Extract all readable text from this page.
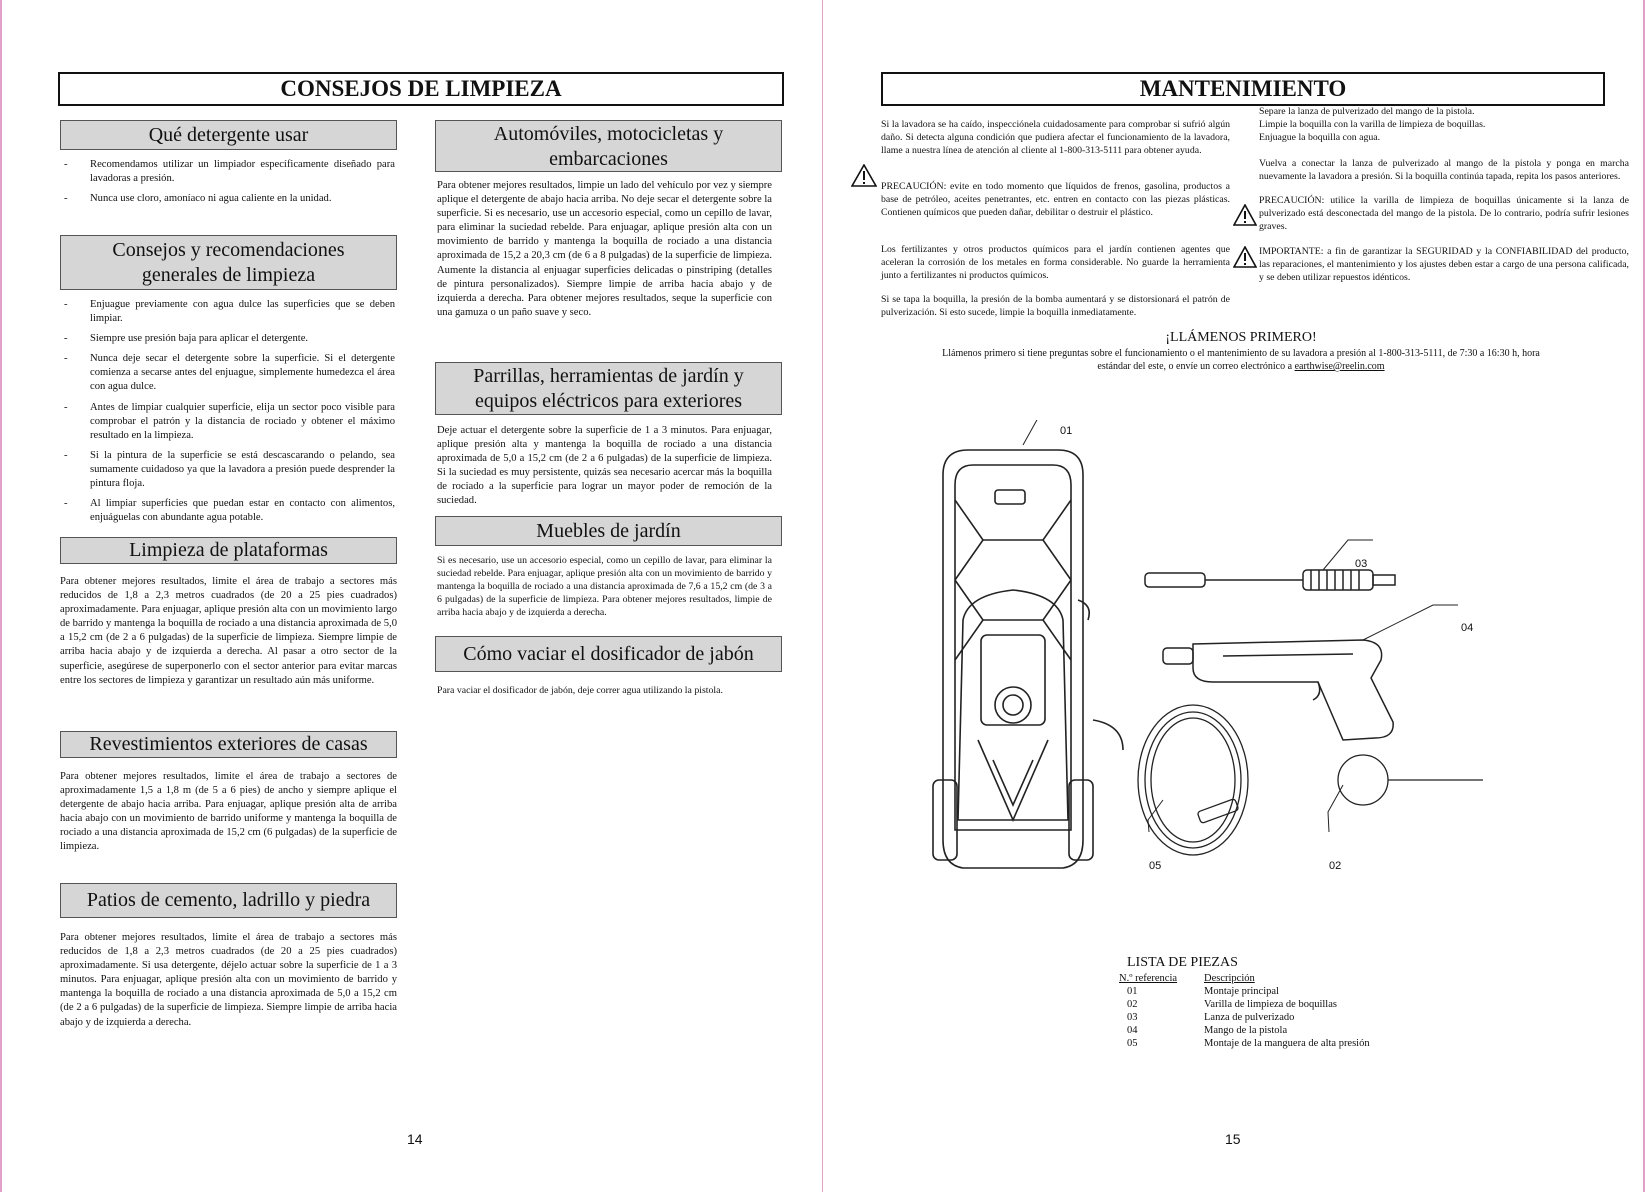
CONSEJOS DE LIMPIEZA
Qué detergente usar
- Recomendamos utilizar un limpiador específicamente diseñado para lavadoras a presión.
- Nunca use cloro, amoníaco ni agua caliente en la unidad.
Consejos y recomendaciones
generales de limpieza
- Enjuague previamente con agua dulce las superficies que se deben limpiar.
- Siempre use presión baja para aplicar el detergente.
- Nunca deje secar el detergente sobre la superficie. Si el detergente comienza a secarse antes del enjuague, simplemente humedezca el área con agua dulce.
- Antes de limpiar cualquier superficie, elija un sector poco visible para comprobar el patrón y la distancia de rociado y obtener el máximo resultado en la limpieza.
- Si la pintura de la superficie se está descascarando o pelando, sea sumamente cuidadoso ya que la lavadora a presión puede desprender la pintura floja.
- Al limpiar superficies que puedan estar en contacto con alimentos, enjuáguelas con abundante agua potable.
Limpieza de plataformas
Para obtener mejores resultados, limite el área de trabajo a sectores más reducidos de 1,8 a 2,3 metros cuadrados (de 20 a 25 pies cuadrados) aproximadamente. Para enjuagar, aplique presión alta con un movimiento largo de barrido y mantenga la boquilla de rociado a una distancia aproximada de 5,0 a 15,2 cm (de 2 a 6 pulgadas) de la superficie de limpieza. Siempre limpie de arriba hacia abajo y de izquierda a derecha. Al pasar a otro sector de la superficie, asegúrese de superponerlo con el sector anterior para evitar marcas entre los sectores de limpieza y garantizar un resultado aún más uniforme.
Revestimientos exteriores de casas
Para obtener mejores resultados, limite el área de trabajo a sectores de aproximadamente 1,5 a 1,8 m (de 5 a 6 pies) de ancho y siempre aplique el detergente de abajo hacia arriba. Para enjuagar, aplique presión alta de arriba hacia abajo con un movimiento de barrido uniforme y mantenga la boquilla de rociado a una distancia aproximada de 15,2 cm (6 pulgadas) de la superficie de limpieza.
Patios de cemento, ladrillo y piedra
Para obtener mejores resultados, limite el área de trabajo a sectores más reducidos de 1,8 a 2,3 metros cuadrados (de 20 a 25 pies cuadrados) aproximadamente. Si usa detergente, déjelo actuar sobre la superficie de 1 a 3 minutos. Para enjuagar, aplique presión alta con un movimiento de barrido y mantenga la boquilla de rociado a una distancia aproximada de 5,0 a 15,2 cm (de 2 a 6 pulgadas) de la superficie de limpieza. Siempre limpie de arriba hacia abajo y de izquierda a derecha.
Automóviles, motocicletas y
embarcaciones
Para obtener mejores resultados, limpie un lado del vehículo por vez y siempre aplique el detergente de abajo hacia arriba. No deje secar el detergente sobre la superficie. Si es necesario, use un accesorio especial, como un cepillo de lavar, para eliminar la suciedad rebelde. Para enjuagar, aplique presión alta con un movimiento de barrido y mantenga la boquilla de rociado a una distancia aproximada de 15,2 a 20,3 cm (de 6 a 8 pulgadas) de la superficie de limpieza. Aumente la distancia al enjuagar superficies delicadas o pinstriping (detalles de pintura personalizados). Siempre limpie de arriba hacia abajo y de izquierda a derecha. Para obtener mejores resultados, seque la superficie con una gamuza o un paño suave y seco.
Parrillas, herramientas de jardín y
equipos eléctricos para exteriores
Deje actuar el detergente sobre la superficie de 1 a 3 minutos. Para enjuagar, aplique presión alta y mantenga la boquilla de rociado a una distancia aproximada de 5,0 a 15,2 cm (de 2 a 6 pulgadas) de la superficie de limpieza. Si la suciedad es muy persistente, quizás sea necesario acercar más la boquilla de rociado a la superficie para lograr un mayor poder de remoción de la suciedad.
Muebles de jardín
Si es necesario, use un accesorio especial, como un cepillo de lavar, para eliminar la suciedad rebelde. Para enjuagar, aplique presión alta con un movimiento de barrido y mantenga la boquilla de rociado a una distancia aproximada de 7,6 a 15,2 cm (de 3 a 6 pulgadas) de la superficie de limpieza. Para obtener mejores resultados, limpie de arriba hacia abajo y de izquierda a derecha.
Cómo vaciar el dosificador de jabón
Para vaciar el dosificador de jabón, deje correr agua utilizando la pistola.
14
MANTENIMIENTO
Si la lavadora se ha caído, inspecciónela cuidadosamente para comprobar si sufrió algún daño. Si detecta alguna condición que pudiera afectar el funcionamiento de la lavadora, llame a nuestra línea de atención al cliente al 1-800-313-5111 para obtener ayuda.
PRECAUCIÓN: evite en todo momento que líquidos de frenos, gasolina, productos a base de petróleo, aceites penetrantes, etc. entren en contacto con las piezas plásticas. Contienen químicos que pueden dañar, debilitar o destruir el plástico.
Los fertilizantes y otros productos químicos para el jardín contienen agentes que aceleran la corrosión de los metales en forma considerable. No guarde la herramienta junto a fertilizantes ni productos químicos.
Si se tapa la boquilla, la presión de la bomba aumentará y se distorsionará el patrón de pulverización. Si esto sucede, limpie la boquilla inmediatamente.
Separe la lanza de pulverizado del mango de la pistola.
Limpie la boquilla con la varilla de limpieza de boquillas.
Enjuague la boquilla con agua.
Vuelva a conectar la lanza de pulverizado al mango de la pistola y ponga en marcha nuevamente la lavadora a presión. Si la boquilla continúa tapada, repita los pasos anteriores.
PRECAUCIÓN: utilice la varilla de limpieza de boquillas únicamente si la lanza de pulverizado está desconectada del mango de la pistola. De lo contrario, podría sufrir lesiones graves.
IMPORTANTE: a fin de garantizar la SEGURIDAD y la CONFIABILIDAD del producto, las reparaciones, el mantenimiento y los ajustes deben estar a cargo de una persona calificada, y se deben utilizar repuestos idénticos.
¡LLÁMENOS PRIMERO!
Llámenos primero si tiene preguntas sobre el funcionamiento o el mantenimiento de su lavadora a presión al 1-800-313-5111, de 7:30 a 16:30 h, hora
estándar del este, o envíe un correo electrónico a earthwise@reelin.com
01
03
04
05	02
LISTA DE PIEZAS
N.º referencia	Descripción
01	Montaje principal
02	Varilla de limpieza de boquillas
03	Lanza de pulverizado
04	Mango de la pistola
05	Montaje de la manguera de alta presión
15
